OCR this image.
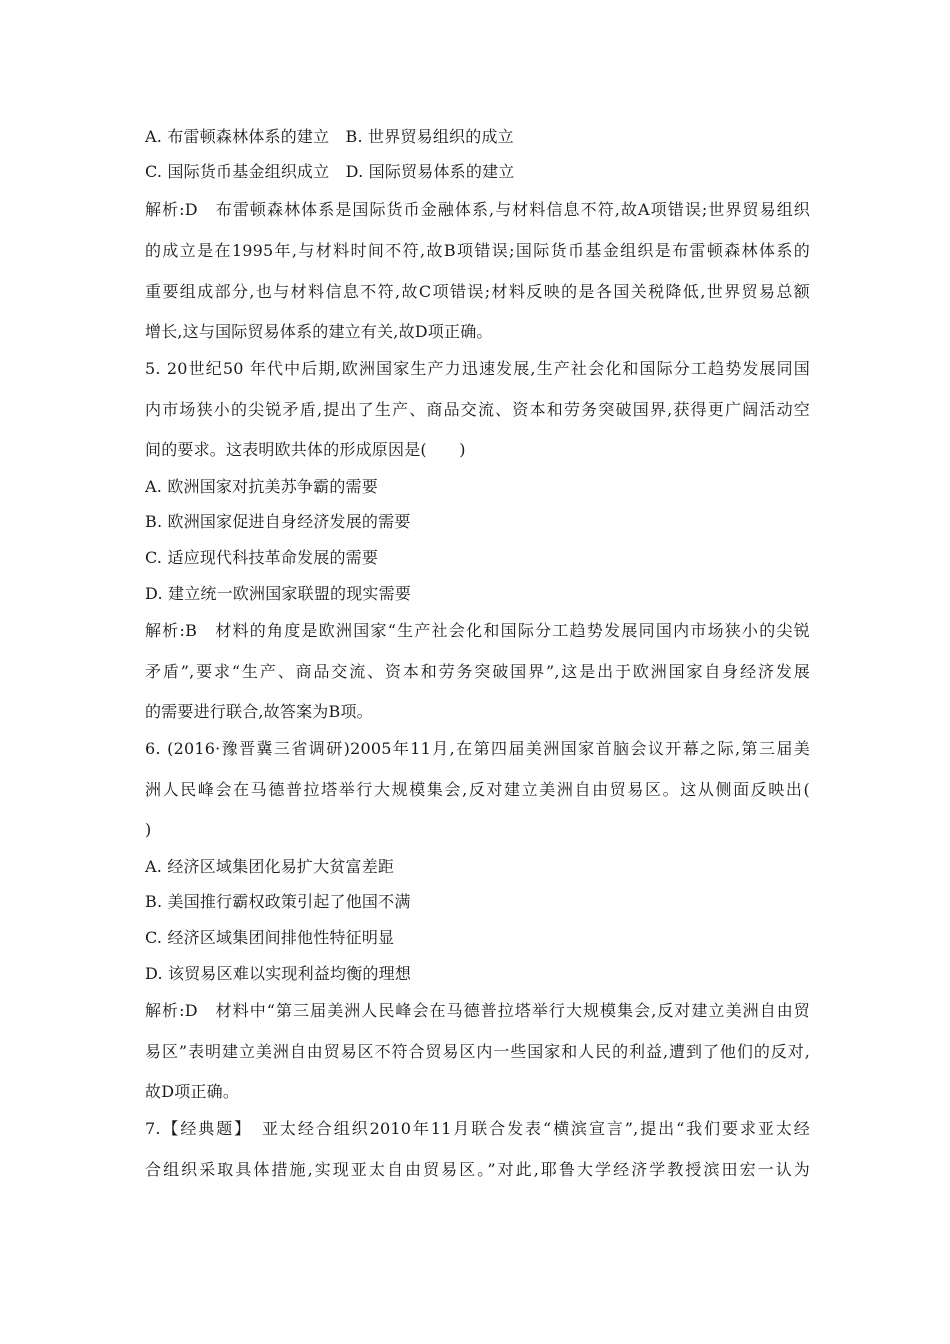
A. 布雷顿森林体系的建立　B. 世界贸易组织的成立
C. 国际货币基金组织成立　D. 国际贸易体系的建立
解析:D　布雷顿森林体系是国际货币金融体系,与材料信息不符,故A项错误;世界贸易组织
的成立是在1995年,与材料时间不符,故B项错误;国际货币基金组织是布雷顿森林体系的
重要组成部分,也与材料信息不符,故C项错误;材料反映的是各国关税降低,世界贸易总额
增长,这与国际贸易体系的建立有关,故D项正确。
5. 20世纪50 年代中后期,欧洲国家生产力迅速发展,生产社会化和国际分工趋势发展同国
内市场狭小的尖锐矛盾,提出了生产、商品交流、资本和劳务突破国界,获得更广阔活动空
间的要求。这表明欧共体的形成原因是(　　)
A. 欧洲国家对抗美苏争霸的需要
B. 欧洲国家促进自身经济发展的需要
C. 适应现代科技革命发展的需要
D. 建立统一欧洲国家联盟的现实需要
解析:B　材料的角度是欧洲国家“生产社会化和国际分工趋势发展同国内市场狭小的尖锐
矛盾”,要求“生产、商品交流、资本和劳务突破国界”,这是出于欧洲国家自身经济发展
的需要进行联合,故答案为B项。
6. (2016·豫晋冀三省调研)2005年11月,在第四届美洲国家首脑会议开幕之际,第三届美
洲人民峰会在马德普拉塔举行大规模集会,反对建立美洲自由贸易区。这从侧面反映出(
)
A. 经济区域集团化易扩大贫富差距
B. 美国推行霸权政策引起了他国不满
C. 经济区域集团间排他性特征明显
D. 该贸易区难以实现利益均衡的理想
解析:D　材料中“第三届美洲人民峰会在马德普拉塔举行大规模集会,反对建立美洲自由贸
易区”表明建立美洲自由贸易区不符合贸易区内一些国家和人民的利益,遭到了他们的反对,
故D项正确。
7.【经典题】　亚太经合组织2010年11月联合发表“横滨宣言”,提出“我们要求亚太经
合组织采取具体措施,实现亚太自由贸易区。”对此,耶鲁大学经济学教授滨田宏一认为
